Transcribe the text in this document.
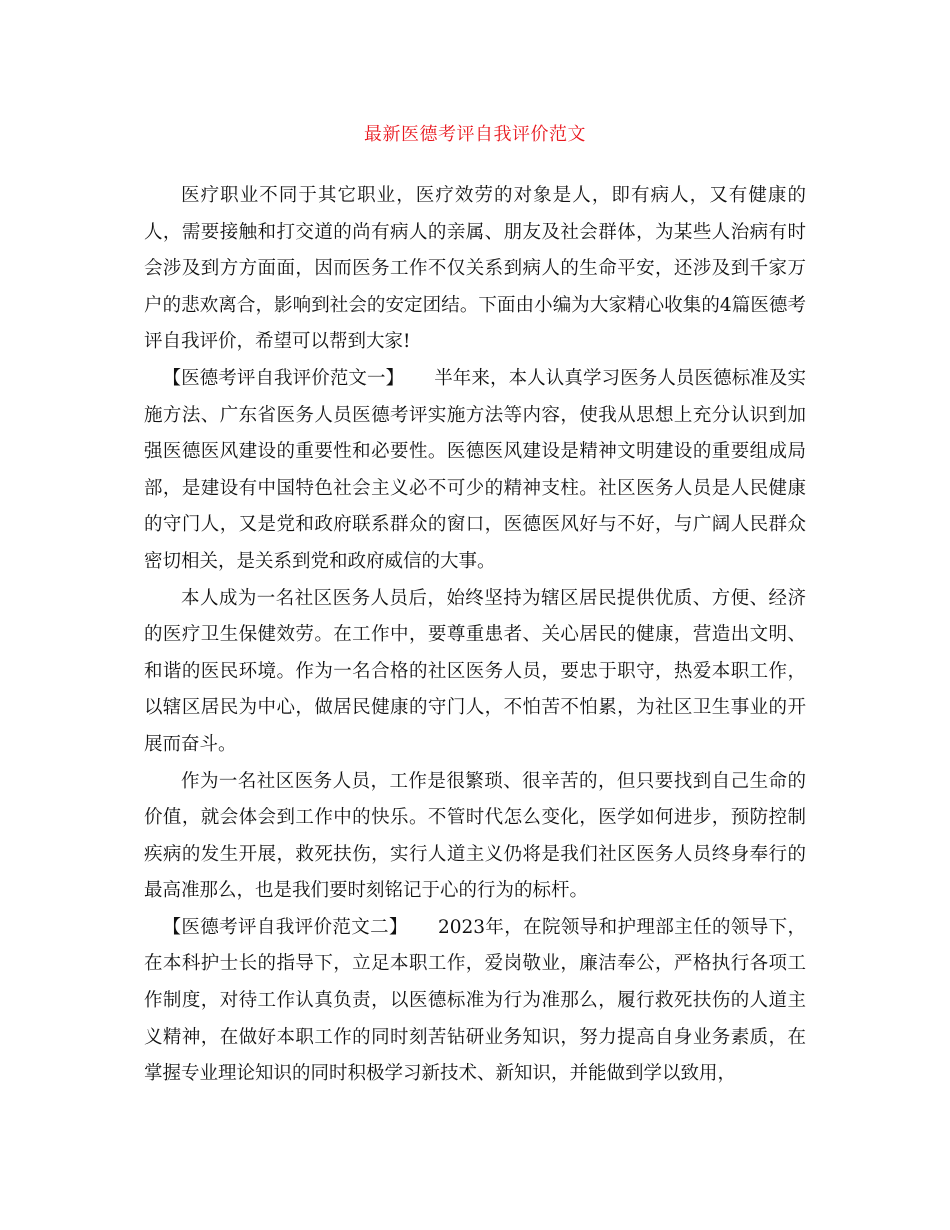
最新医德考评自我评价范文

医疗职业不同于其它职业，医疗效劳的对象是人，即有病人，又有健康的人，需要接触和打交道的尚有病人的亲属、朋友及社会群体，为某些人治病有时会涉及到方方面面，因而医务工作不仅关系到病人的生命平安，还涉及到千家万户的悲欢离合，影响到社会的安定团结。下面由小编为大家精心收集的4篇医德考评自我评价，希望可以帮到大家!

【医德考评自我评价范文一】 半年来，本人认真学习医务人员医德标准及实施方法、广东省医务人员医德考评实施方法等内容，使我从思想上充分认识到加强医德医风建设的重要性和必要性。医德医风建设是精神文明建设的重要组成局部，是建设有中国特色社会主义必不可少的精神支柱。社区医务人员是人民健康的守门人，又是党和政府联系群众的窗口，医德医风好与不好，与广阔人民群众密切相关，是关系到党和政府威信的大事。

本人成为一名社区医务人员后，始终坚持为辖区居民提供优质、方便、经济的医疗卫生保健效劳。在工作中，要尊重患者、关心居民的健康，营造出文明、和谐的医民环境。作为一名合格的社区医务人员，要忠于职守，热爱本职工作，以辖区居民为中心，做居民健康的守门人，不怕苦不怕累，为社区卫生事业的开展而奋斗。

作为一名社区医务人员，工作是很繁琐、很辛苦的，但只要找到自己生命的价值，就会体会到工作中的快乐。不管时代怎么变化，医学如何进步，预防控制疾病的发生开展，救死扶伤，实行人道主义仍将是我们社区医务人员终身奉行的最高准那么，也是我们要时刻铭记于心的行为的标杆。

【医德考评自我评价范文二】 2023年，在院领导和护理部主任的领导下，在本科护士长的指导下，立足本职工作，爱岗敬业，廉洁奉公，严格执行各项工作制度，对待工作认真负责，以医德标准为行为准那么，履行救死扶伤的人道主义精神，在做好本职工作的同时刻苦钻研业务知识，努力提高自身业务素质，在掌握专业理论知识的同时积极学习新技术、新知识，并能做到学以致用，
